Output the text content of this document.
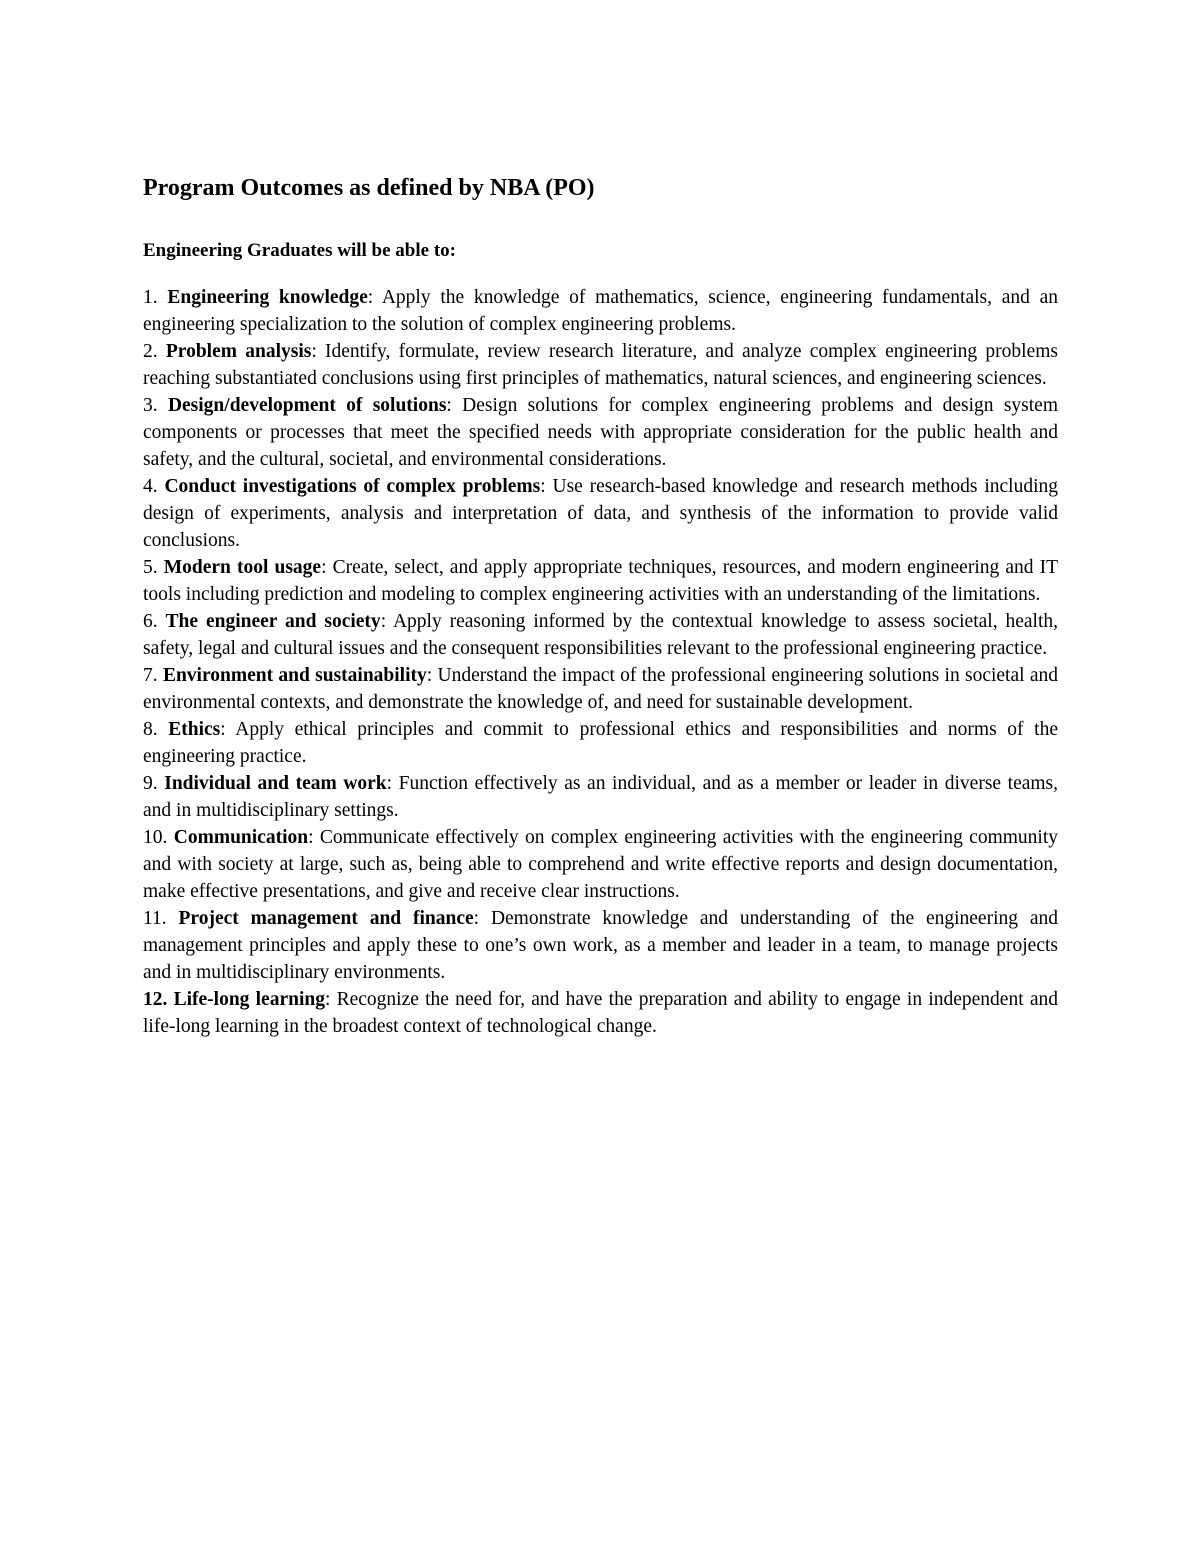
Program Outcomes as defined by NBA (PO)

Engineering Graduates will be able to:

1. Engineering knowledge: Apply the knowledge of mathematics, science, engineering fundamentals, and an engineering specialization to the solution of complex engineering problems.
2. Problem analysis: Identify, formulate, review research literature, and analyze complex engineering problems reaching substantiated conclusions using first principles of mathematics, natural sciences, and engineering sciences.
3. Design/development of solutions: Design solutions for complex engineering problems and design system components or processes that meet the specified needs with appropriate consideration for the public health and safety, and the cultural, societal, and environmental considerations.
4. Conduct investigations of complex problems: Use research-based knowledge and research methods including design of experiments, analysis and interpretation of data, and synthesis of the information to provide valid conclusions.
5. Modern tool usage: Create, select, and apply appropriate techniques, resources, and modern engineering and IT tools including prediction and modeling to complex engineering activities with an understanding of the limitations.
6. The engineer and society: Apply reasoning informed by the contextual knowledge to assess societal, health, safety, legal and cultural issues and the consequent responsibilities relevant to the professional engineering practice.
7. Environment and sustainability: Understand the impact of the professional engineering solutions in societal and environmental contexts, and demonstrate the knowledge of, and need for sustainable development.
8. Ethics: Apply ethical principles and commit to professional ethics and responsibilities and norms of the engineering practice.
9. Individual and team work: Function effectively as an individual, and as a member or leader in diverse teams, and in multidisciplinary settings.
10. Communication: Communicate effectively on complex engineering activities with the engineering community and with society at large, such as, being able to comprehend and write effective reports and design documentation, make effective presentations, and give and receive clear instructions.
11. Project management and finance: Demonstrate knowledge and understanding of the engineering and management principles and apply these to one’s own work, as a member and leader in a team, to manage projects and in multidisciplinary environments.
12. Life-long learning: Recognize the need for, and have the preparation and ability to engage in independent and life-long learning in the broadest context of technological change.
